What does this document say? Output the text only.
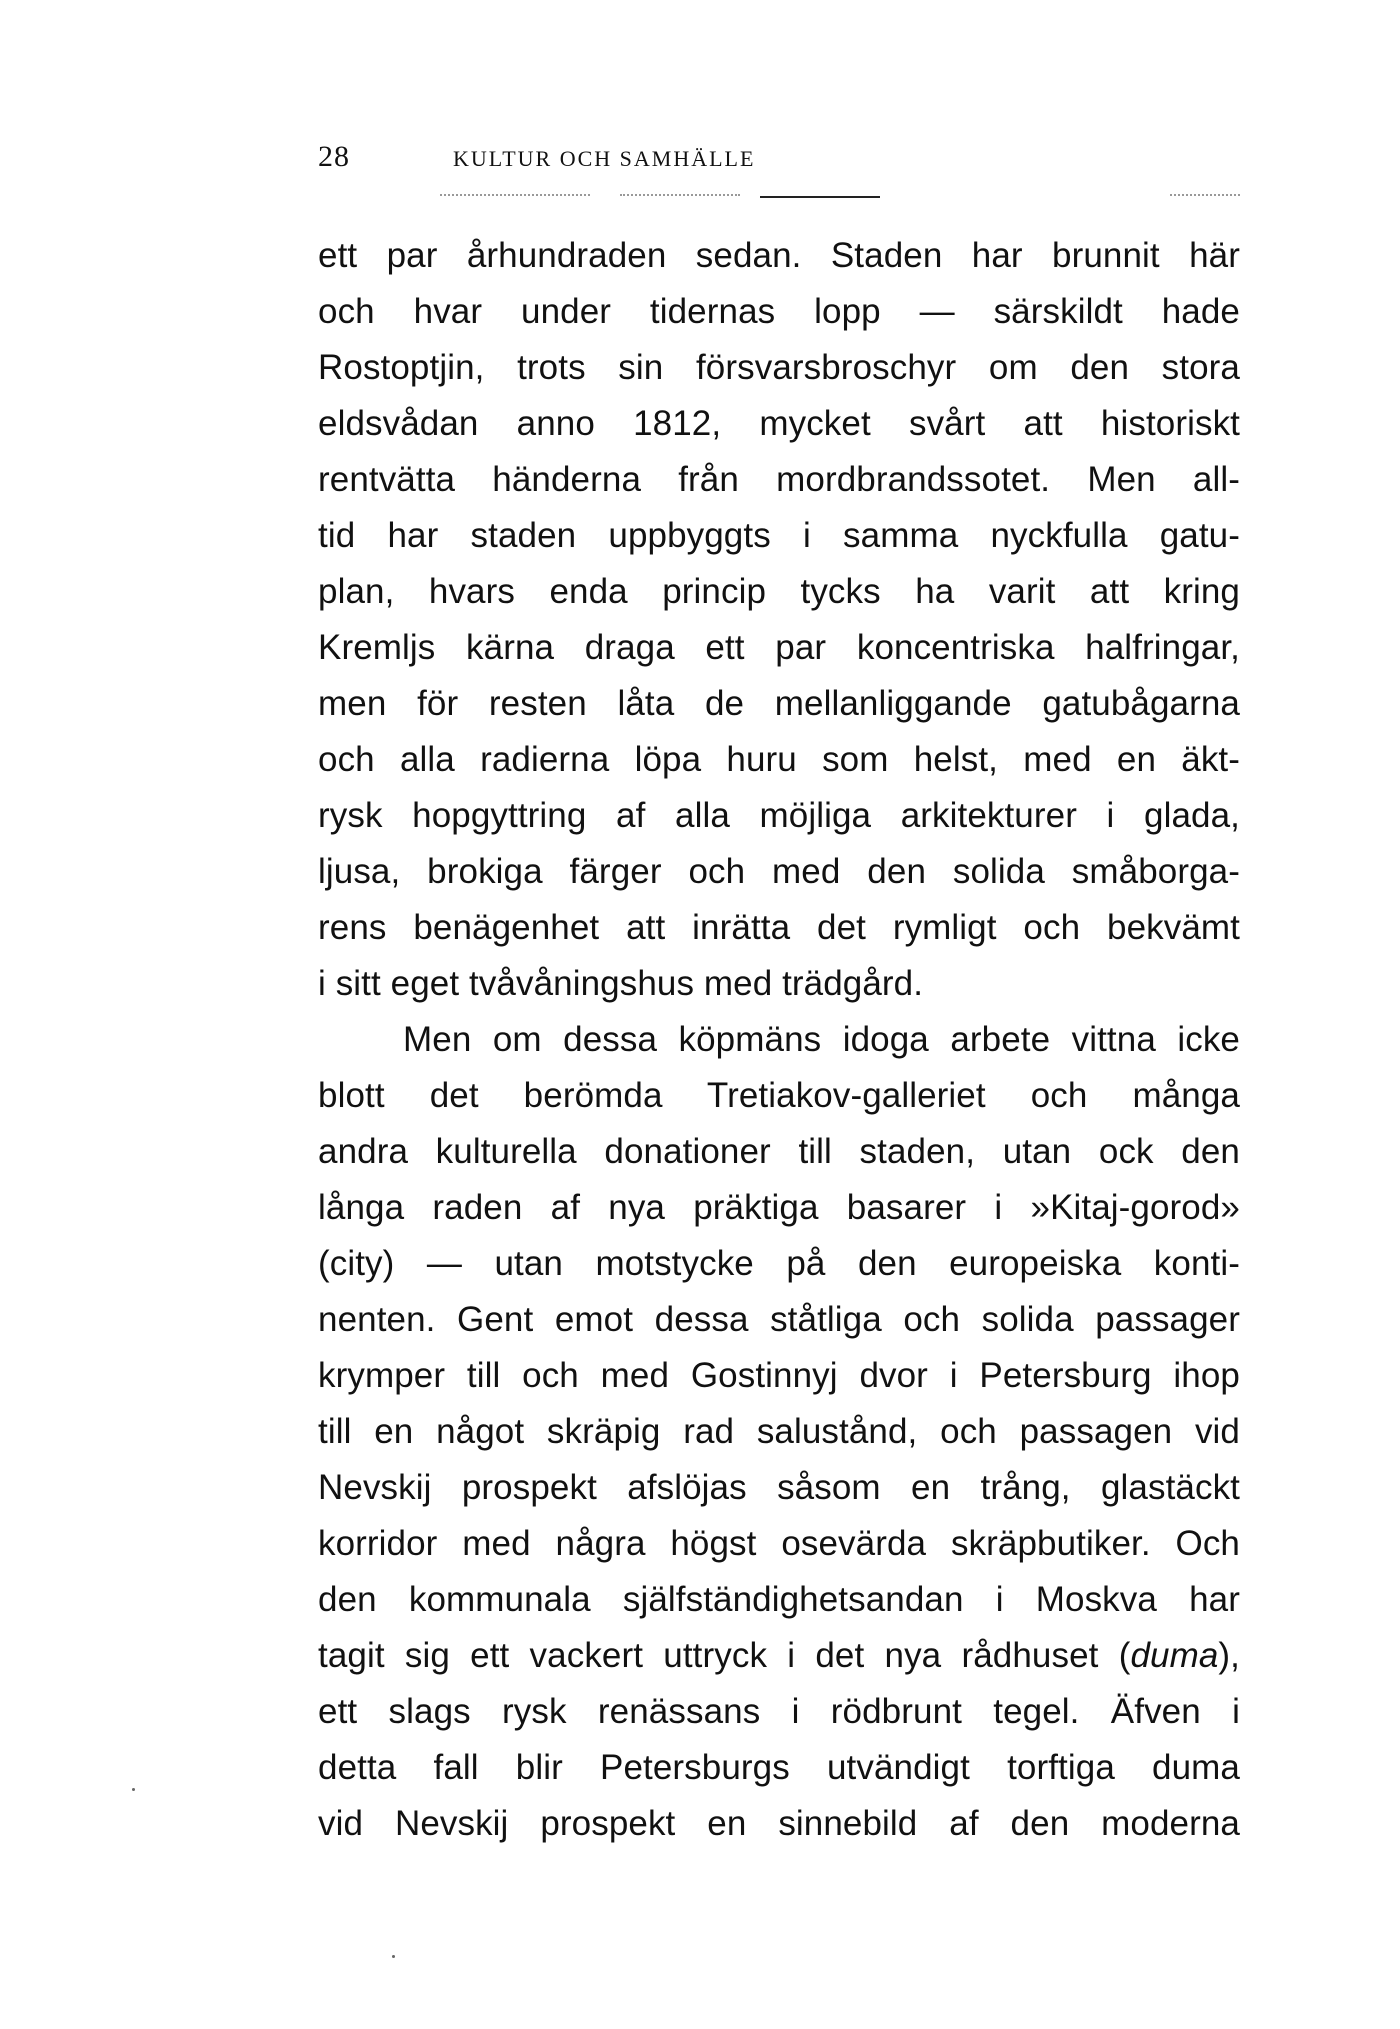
28	KULTUR OCH SAMHÄLLE
ett par århundraden sedan. Staden har brunnit här
och hvar under tidernas lopp — särskildt hade
Rostoptjin, trots sin försvarsbroschyr om den stora
eldsvådan anno 1812, mycket svårt att historiskt
rentvätta händerna från mordbrandssotet. Men all-
tid har staden uppbyggts i samma nyckfulla gatu-
plan, hvars enda princip tycks ha varit att kring
Kremljs kärna draga ett par koncentriska halfringar,
men för resten låta de mellanliggande gatubågarna
och alla radierna löpa huru som helst, med en äkt-
rysk hopgyttring af alla möjliga arkitekturer i glada,
ljusa, brokiga färger och med den solida småborga-
rens benägenhet att inrätta det rymligt och bekvämt
i sitt eget tvåvåningshus med trädgård.
Men om dessa köpmäns idoga arbete vittna icke
blott det berömda Tretiakov-galleriet och många
andra kulturella donationer till staden, utan ock den
långa raden af nya präktiga basarer i »Kitaj-gorod»
(city) — utan motstycke på den europeiska konti-
nenten. Gent emot dessa ståtliga och solida passager
krymper till och med Gostinnyj dvor i Petersburg ihop
till en något skräpig rad salustånd, och passagen vid
Nevskij prospekt afslöjas såsom en trång, glastäckt
korridor med några högst osevärda skräpbutiker. Och
den kommunala själfständighetsandan i Moskva har
tagit sig ett vackert uttryck i det nya rådhuset (duma),
ett slags rysk renässans i rödbrunt tegel. Äfven i
detta fall blir Petersburgs utvändigt torftiga duma
vid Nevskij prospekt en sinnebild af den moderna
